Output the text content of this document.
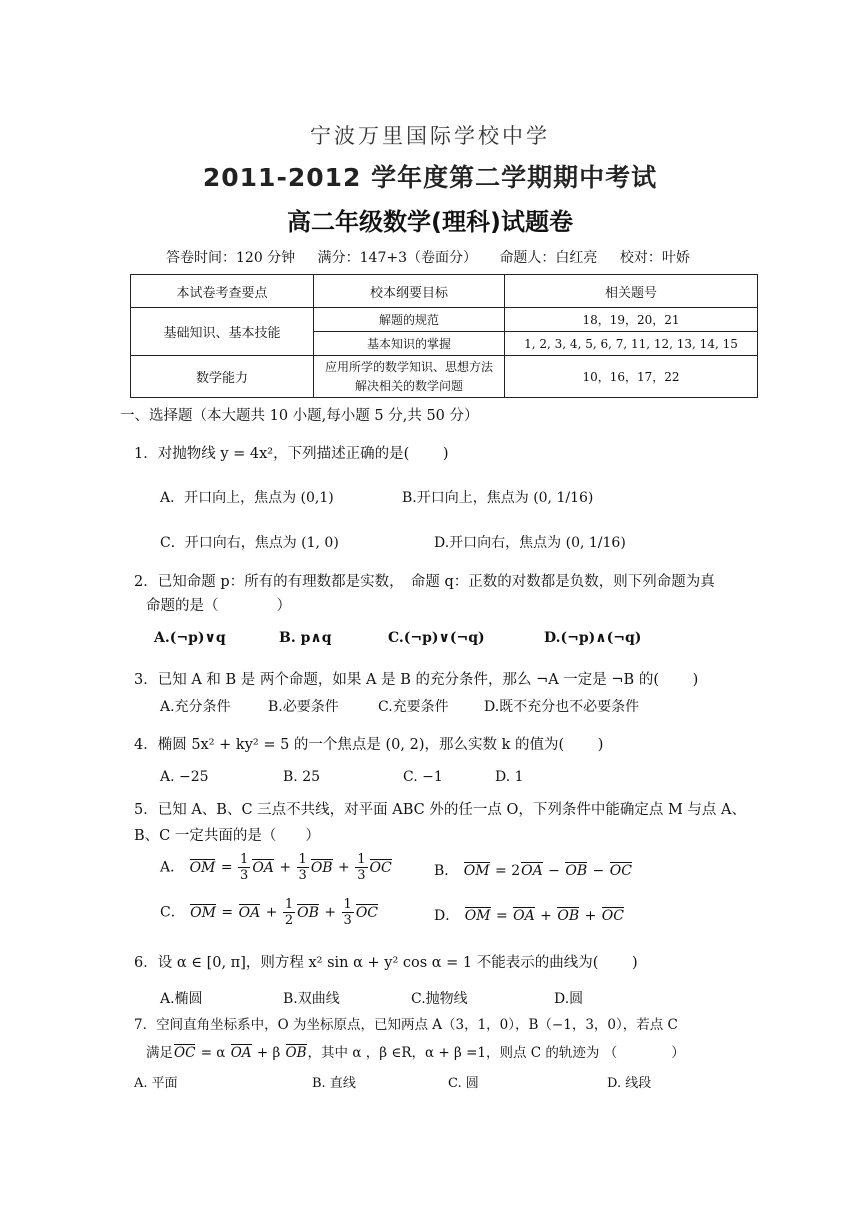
宁波万里国际学校中学
2011-2012 学年度第二学期期中考试
高二年级数学(理科)试题卷
答卷时间：120 分钟 满分：147+3（卷面分） 命题人：白红亮 校对：叶娇
本试卷考查要点	校本纲要目标	相关题号
基础知识、基本技能	解题的规范	18，19，20，21
	基本知识的掌握	1, 2, 3, 4, 5, 6, 7, 11, 12, 13, 14, 15
数学能力	应用所学的数学知识、思想方法解决相关的数学问题	10，16，17，22
一、选择题（本大题共 10 小题,每小题 5 分,共 50 分）
1．对抛物线 y = 4x²，下列描述正确的是(　　 )
A．开口向上，焦点为 (0,1)	B.开口向上，焦点为 (0, 1/16)
C．开口向右，焦点为 (1, 0)	D.开口向右，焦点为 (0, 1/16)
2．已知命题 p：所有的有理数都是实数，　命题 q：正数的对数都是负数，则下列命题为真
命题的是（　　　　）
A.(¬p)∨q	B. p∧q	C.(¬p)∨(¬q)	D.(¬p)∧(¬q)
3．已知 A 和 B 是 两个命题，如果 A 是 B 的充分条件，那么 ¬A 一定是 ¬B 的(　　 )
A.充分条件	B.必要条件	C.充要条件	D.既不充分也不必要条件
4．椭圆 5x² + ky² = 5 的一个焦点是 (0, 2)，那么实数 k 的值为(　　 )
A. −25	B. 25	C. −1	D. 1
5．已知 A、B、C 三点不共线，对平面 ABC 外的任一点 O，下列条件中能确定点 M 与点 A、
B、C 一定共面的是（　　）
A． OM = $\frac{1}{3}$ OA + $\frac{1}{3}$ OB + $\frac{1}{3}$ OC	B． OM = 2OA − OB − OC
C． OM = OA + $\frac{1}{2}$ OB + $\frac{1}{3}$ OC	D． OM = OA + OB + OC
6．设 α ∈ [0, π]，则方程 x² sin α + y² cos α = 1 不能表示的曲线为(　　 )
A.椭圆	B.双曲线	C.抛物线	D.圆
7．空间直角坐标系中，O 为坐标原点，已知两点 A（3，1，0），B（−1，3，0），若点 C
满足OC = α OA + β OB，其中 α ，β ∈R，α + β =1，则点 C 的轨迹为 （　　　　）
A. 平面	B. 直线	C. 圆	D. 线段
